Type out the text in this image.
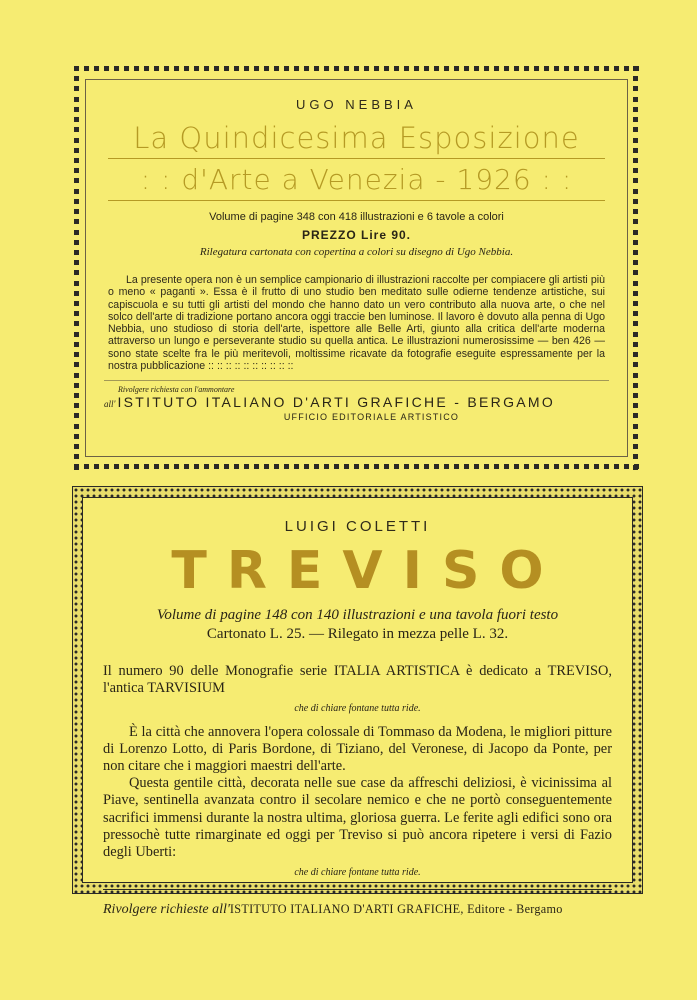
UGO NEBBIA
La Quindicesima Esposizione
: : d'Arte a Venezia - 1926 : :
Volume di pagine 348 con 418 illustrazioni e 6 tavole a colori
PREZZO Lire 90.
Rilegatura cartonata con copertina a colori su disegno di Ugo Nebbia.

La presente opera non è un semplice campionario di illustrazioni raccolte per compiacere gli artisti più o meno « paganti ». Essa è il frutto di uno studio ben meditato sulle odierne tendenze artistiche, sui capiscuola e su tutti gli artisti del mondo che hanno dato un vero contributo alla nuova arte, o che nel solco dell'arte di tradizione portano ancora oggi traccie ben luminose. Il lavoro è dovuto alla penna di Ugo Nebbia, uno studioso di storia dell'arte, ispettore alle Belle Arti, giunto alla critica dell'arte moderna attraverso un lungo e perseverante studio su quella antica. Le illustrazioni numerosissime — ben 426 — sono state scelte fra le più meritevoli, moltissime ricavate da fotografie eseguite espressamente per la nostra pubblicazione :: :: :: :: :: :: :: :: :: ::

Rivolgere richiesta con l'ammontare
all' ISTITUTO ITALIANO D'ARTI GRAFICHE - BERGAMO
UFFICIO EDITORIALE ARTISTICO
LUIGI COLETTI
TREVISO
Volume di pagine 148 con 140 illustrazioni e una tavola fuori testo
Cartonato L. 25. — Rilegato in mezza pelle L. 32.

Il numero 90 delle Monografie serie ITALIA ARTISTICA è dedicato a TREVISO, l'antica TARVISIUM

che di chiare fontane tutta ride.

È la città che annovera l'opera colossale di Tommaso da Modena, le migliori pitture di Lorenzo Lotto, di Paris Bordone, di Tiziano, del Veronese, di Jacopo da Ponte, per non citare che i maggiori maestri dell'arte.

Questa gentile città, decorata nelle sue case da affreschi deliziosi, è vicinissima al Piave, sentinella avanzata contro il secolare nemico e che ne portò conseguentemente sacrifici immensi durante la nostra ultima, gloriosa guerra. Le ferite agli edifici sono ora pressochè tutte rimarginate ed oggi per Treviso si può ancora ripetere i versi di Fazio degli Uberti:

che di chiare fontane tutta ride.
Rivolgere richieste all'ISTITUTO ITALIANO D'ARTI GRAFICHE, Editore - Bergamo
